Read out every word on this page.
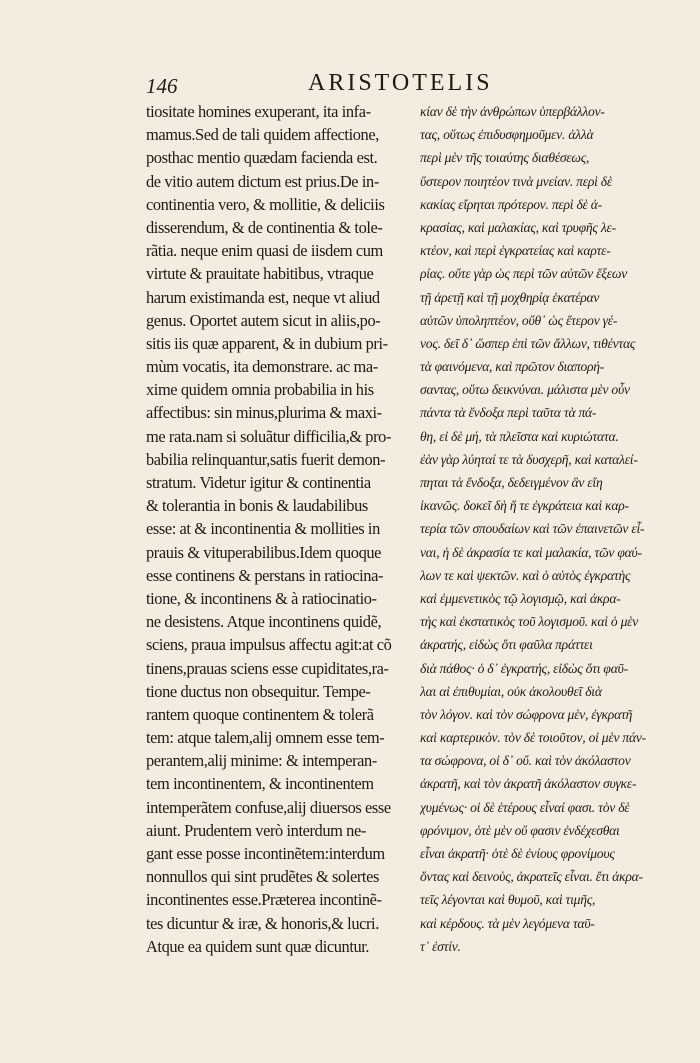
146	ARISTOTELIS
tiositate homines exuperant, ita infa-
mamus.Sed de tali quidem affectione,
posthac mentio quædam facienda est.
de vitio autem dictum est prius.De in-
continentia vero, & mollitie, & deliciis
disserendum, & de continentia & tole-
rãtia. neque enim quasi de iisdem cum
virtute & prauitate habitibus, vtraque
harum existimanda est, neque vt aliud
genus. Oportet autem sicut in aliis,po-
sitis iis quæ apparent, & in dubium pri-
mùm vocatis, ita demonstrare. ac ma-
xime quidem omnia probabilia in his
affectibus: sin minus,plurima & maxi-
me rata.nam si soluãtur difficilia,& pro-
babilia relinquantur,satis fuerit demon-
stratum. Videtur igitur & continentia
& tolerantia in bonis & laudabilibus
esse: at & incontinentia & mollities in
prauis & vituperabilibus.Idem quoque
esse continens & perstans in ratiocina-
tione, & incontinens & à ratiocinatio-
ne desistens. Atque incontinens quidẽ,
sciens, praua impulsus affectu agit:at cõ
tinens,prauas sciens esse cupiditates,ra-
tione ductus non obsequitur. Tempe-
rantem quoque continentem & tolerã
tem: atque talem,alij omnem esse tem-
perantem,alij minime: & intemperan-
tem incontinentem, & incontinentem
intemperãtem confuse,alij diuersos esse
aiunt. Prudentem verò interdum ne-
gant esse posse incontinẽtem:interdum
nonnullos qui sint prudẽtes & solertes
incontinentes esse.Præterea incontinẽ-
tes dicuntur & iræ, & honoris,& lucri.
Atque ea quidem sunt quæ dicuntur.
κίαν δὲ τὴν ἀνθρώπων ὑπερβάλλον-
τας, οὕτως ἐπιδυσφημοῦμεν. ἀλλὰ
περὶ μὲν τῆς τοιαύτης διαθέσεως,
ὕστερον ποιητέον τινὰ μνείαν. περὶ δὲ
κακίας εἴρηται πρότερον. περὶ δὲ ἀ-
κρασίας, καὶ μαλακίας, καὶ τρυφῆς λε-
κτέον, καὶ περὶ ἐγκρατείας καὶ καρτε-
ρίας. οὔτε γὰρ ὡς περὶ τῶν αὐτῶν ἕξεων
τῇ ἀρετῇ καὶ τῇ μοχθηρίᾳ ἑκατέραν
αὐτῶν ὑποληπτέον, οὔθ᾽ ὡς ἕτερον γέ-
νος. δεῖ δ᾽ ὥσπερ ἐπὶ τῶν ἄλλων, τιθέντας
τὰ φαινόμενα, καὶ πρῶτον διαπορή-
σαντας, οὕτω δεικνύναι. μάλιστα μὲν οὖν
πάντα τὰ ἔνδοξα περὶ ταῦτα τὰ πά-
θη, εἰ δὲ μή, τὰ πλεῖστα καὶ κυριώτατα.
ἐὰν γὰρ λύηταί τε τὰ δυσχερῆ, καὶ καταλεί-
πηται τὰ ἔνδοξα, δεδειγμένον ἂν εἴη
ἱκανῶς. δοκεῖ δὴ ἥ τε ἐγκράτεια καὶ καρ-
τερία τῶν σπουδαίων καὶ τῶν ἐπαινετῶν εἶ-
ναι, ἡ δὲ ἀκρασία τε καὶ μαλακία, τῶν φαύ-
λων τε καὶ ψεκτῶν. καὶ ὁ αὐτὸς ἐγκρατὴς
καὶ ἐμμενετικὸς τῷ λογισμῷ, καὶ ἀκρα-
τὴς καὶ ἐκστατικὸς τοῦ λογισμοῦ. καὶ ὁ μὲν
ἀκρατής, εἰδὼς ὅτι φαῦλα πράττει
διὰ πάθος· ὁ δ᾽ ἐγκρατής, εἰδὼς ὅτι φαῦ-
λαι αἱ ἐπιθυμίαι, οὐκ ἀκολουθεῖ διὰ
τὸν λόγον. καὶ τὸν σώφρονα μὲν, ἐγκρατῆ
καὶ καρτερικὸν. τὸν δὲ τοιοῦτον, οἱ μὲν πάν-
τα σώφρονα, οἱ δ᾽ οὔ. καὶ τὸν ἀκόλαστον
ἀκρατῆ, καὶ τὸν ἀκρατῆ ἀκόλαστον συγκε-
χυμένως· οἱ δὲ ἑτέρους εἶναί φασι. τὸν δὲ
φρόνιμον, ὁτὲ μὲν οὔ φασιν ἐνδέχεσθαι
εἶναι ἀκρατῆ· ὁτὲ δὲ ἐνίους φρονίμους
ὄντας καὶ δεινοὺς, ἀκρατεῖς εἶναι. ἔτι ἀκρα-
τεῖς λέγονται καὶ θυμοῦ, καὶ τιμῆς,
καὶ κέρδους. τὰ μὲν λεγόμενα ταῦ-
τ᾽ ἐστίν.
